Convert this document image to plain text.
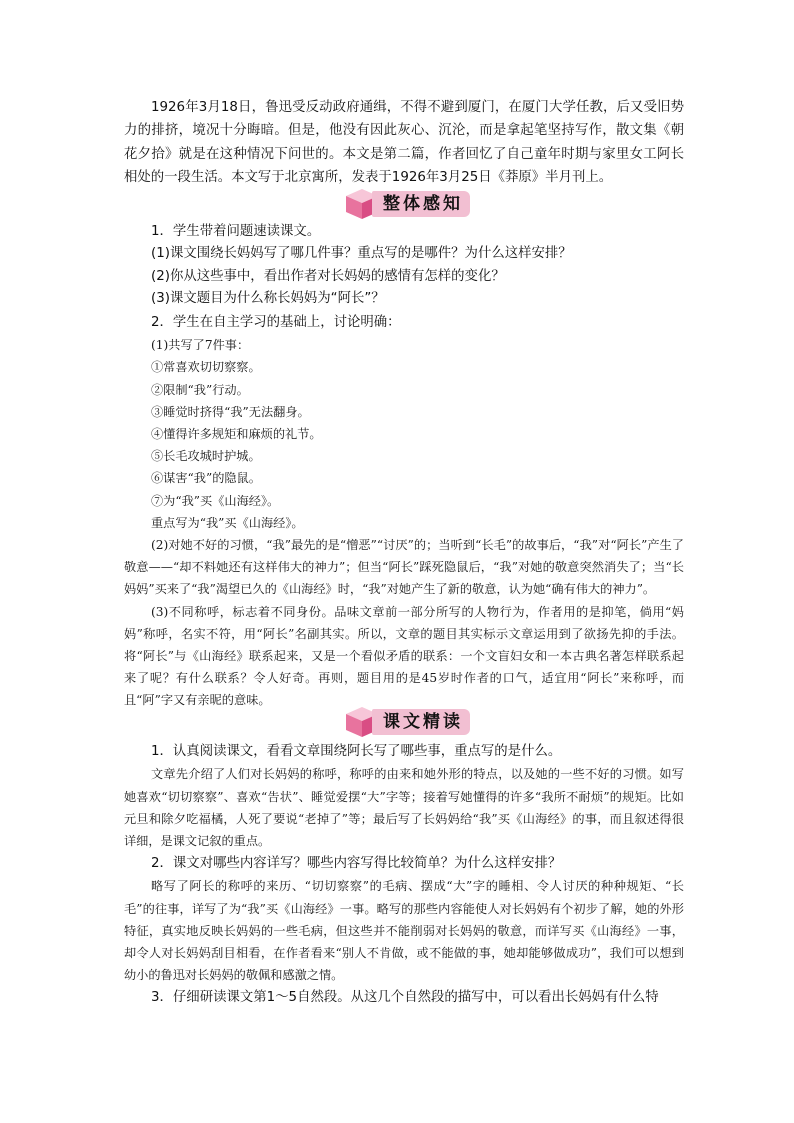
1926年3月18日，鲁迅受反动政府通缉，不得不避到厦门，在厦门大学任教，后又受旧势力的排挤，境况十分晦暗。但是，他没有因此灰心、沉沦，而是拿起笔坚持写作，散文集《朝花夕拾》就是在这种情况下问世的。本文是第二篇，作者回忆了自己童年时期与家里女工阿长相处的一段生活。本文写于北京寓所，发表于1926年3月25日《莽原》半月刊上。

整体感知

1．学生带着问题速读课文。

(1)课文围绕长妈妈写了哪几件事？重点写的是哪件？为什么这样安排？

(2)你从这些事中，看出作者对长妈妈的感情有怎样的变化？

(3)课文题目为什么称长妈妈为“阿长”？

2．学生在自主学习的基础上，讨论明确：

(1)共写了7件事：

①常喜欢切切察察。

②限制“我”行动。

③睡觉时挤得“我”无法翻身。

④懂得许多规矩和麻烦的礼节。

⑤长毛攻城时护城。

⑥谋害“我”的隐鼠。

⑦为“我”买《山海经》。

重点写为“我”买《山海经》。

(2)对她不好的习惯，“我”最先的是“憎恶”“讨厌”的；当听到“长毛”的故事后，“我”对“阿长”产生了敬意——“却不料她还有这样伟大的神力”；但当“阿长”踩死隐鼠后，“我”对她的敬意突然消失了；当“长妈妈”买来了“我”渴望已久的《山海经》时，“我”对她产生了新的敬意，认为她“确有伟大的神力”。

(3)不同称呼，标志着不同身份。品味文章前一部分所写的人物行为，作者用的是抑笔，倘用“妈妈”称呼，名实不符，用“阿长”名副其实。所以，文章的题目其实标示文章运用到了欲扬先抑的手法。将“阿长”与《山海经》联系起来，又是一个看似矛盾的联系：一个文盲妇女和一本古典名著怎样联系起来了呢？有什么联系？令人好奇。再则，题目用的是45岁时作者的口气，适宜用“阿长”来称呼，而且“阿”字又有亲昵的意味。

课文精读

1．认真阅读课文，看看文章围绕阿长写了哪些事，重点写的是什么。

文章先介绍了人们对长妈妈的称呼，称呼的由来和她外形的特点，以及她的一些不好的习惯。如写她喜欢“切切察察”、喜欢“告状”、睡觉爱摆“大”字等；接着写她懂得的许多“我所不耐烦”的规矩。比如元旦和除夕吃福橘，人死了要说“老掉了”等；最后写了长妈妈给“我”买《山海经》的事，而且叙述得很详细，是课文记叙的重点。

2．课文对哪些内容详写？哪些内容写得比较简单？为什么这样安排？

略写了阿长的称呼的来历、“切切察察”的毛病、摆成“大”字的睡相、令人讨厌的种种规矩、“长毛”的往事，详写了为“我”买《山海经》一事。略写的那些内容能使人对长妈妈有个初步了解，她的外形特征，真实地反映长妈妈的一些毛病，但这些并不能削弱对长妈妈的敬意，而详写买《山海经》一事，却令人对长妈妈刮目相看，在作者看来“别人不肯做，或不能做的事，她却能够做成功”，我们可以想到幼小的鲁迅对长妈妈的敬佩和感激之情。

3．仔细研读课文第1～5自然段。从这几个自然段的描写中，可以看出长妈妈有什么特
